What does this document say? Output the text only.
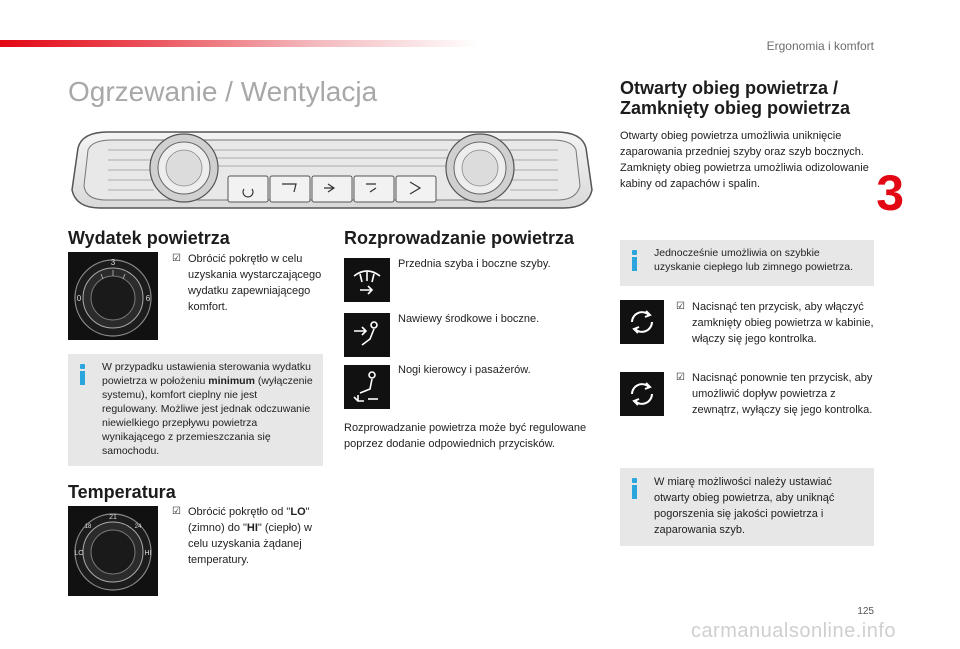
Ergonomia i komfort
3
125
carmanualsonline.info
Ogrzewanie / Wentylacja
Wydatek powietrza
3
0	6
☑ Obrócić pokrętło w celu uzyskania wystarczającego wydatku zapewniającego komfort.
W przypadku ustawienia sterowania wydatku powietrza w położeniu minimum (wyłączenie systemu), komfort cieplny nie jest regulowany. Możliwe jest jednak odczuwanie niewielkiego przepływu powietrza wynikającego z przemieszczania się samochodu.
Temperatura
21
18	24
LO	HI
☑ Obrócić pokrętło od "LO" (zimno) do "HI" (ciepło) w celu uzyskania żądanej temperatury.
Rozprowadzanie powietrza
Przednia szyba i boczne szyby.
Nawiewy środkowe i boczne.
Nogi kierowcy i pasażerów.
Rozprowadzanie powietrza może być regulowane poprzez dodanie odpowiednich przycisków.
Otwarty obieg powietrza /
Zamknięty obieg powietrza
Otwarty obieg powietrza umożliwia uniknięcie zaparowania przedniej szyby oraz szyb bocznych.
Zamknięty obieg powietrza umożliwia odizolowanie kabiny od zapachów i spalin.
Jednocześnie umożliwia on szybkie uzyskanie ciepłego lub zimnego powietrza.
☑ Nacisnąć ten przycisk, aby włączyć zamknięty obieg powietrza w kabinie, włączy się jego kontrolka.
☑ Nacisnąć ponownie ten przycisk, aby umożliwić dopływ powietrza z zewnątrz, wyłączy się jego kontrolka.
W miarę możliwości należy ustawiać otwarty obieg powietrza, aby uniknąć pogorszenia się jakości powietrza i zaparowania szyb.
